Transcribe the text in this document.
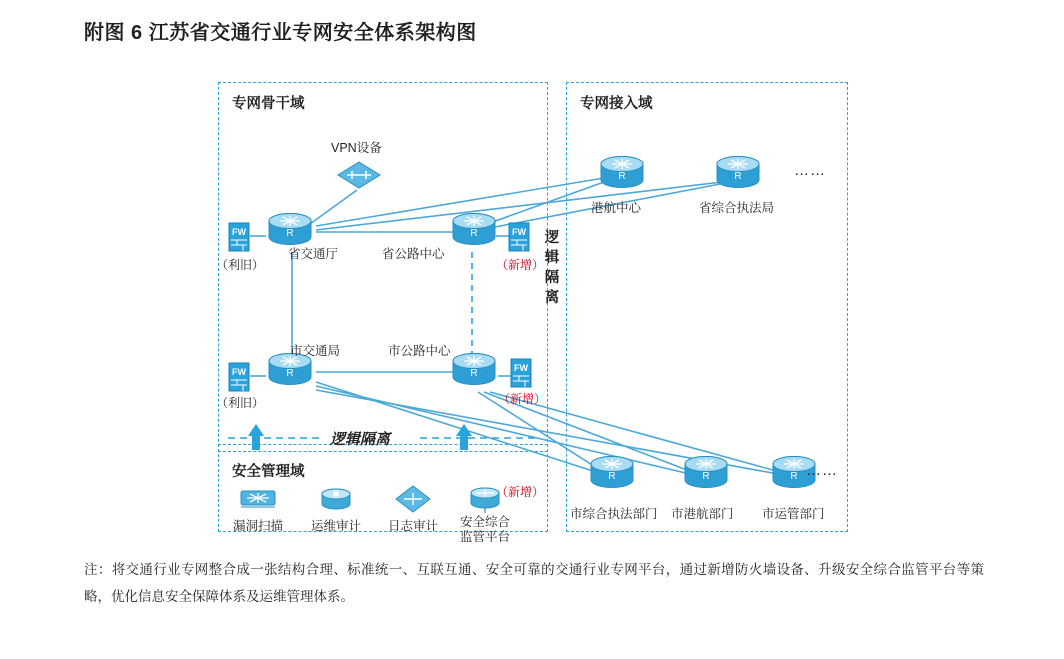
附图 6 江苏省交通行业专网安全体系架构图
专网骨干域	专网接入域
安全管理域
VPN设备
R
省交通厅
R
省公路中心
R
市交通局
R
市公路中心
FW
（利旧）
FW
（新增）
FW
（利旧）
FW
（新增）
逻辑隔离
逻辑隔离
R
港航中心
R
省综合执法局
……
R
市综合执法部门
R
市港航部门
R
市运管部门
……
漏洞扫描 运维审计 日志审计
（新增）
安全综合
监管平台
注：将交通行业专网整合成一张结构合理、标准统一、互联互通、安全可靠的交通行业专网平台，通过新增防火墙设备、升级安全综合监管平台等策略，优化信息安全保障体系及运维管理体系。
